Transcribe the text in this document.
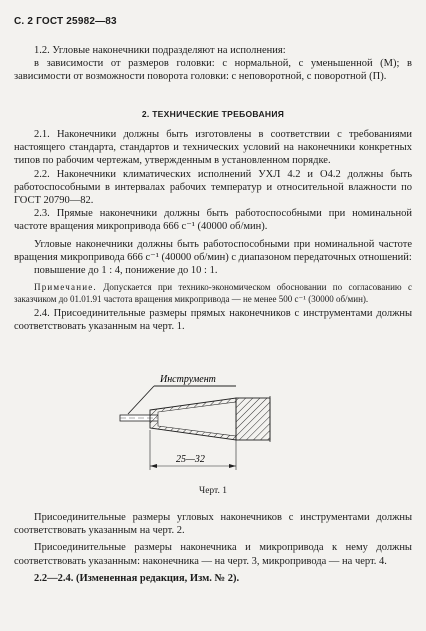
С. 2 ГОСТ 25982—83

1.2. Угловые наконечники подразделяют на исполнения:

в зависимости от размеров головки: с нормальной, с уменьшенной (М); в зависимости от возможности поворота головки: с неповоротной, с поворотной (П).

2. ТЕХНИЧЕСКИЕ ТРЕБОВАНИЯ

2.1. Наконечники должны быть изготовлены в соответствии с требованиями настоящего стандарта, стандартов и технических условий на наконечники конкретных типов по рабочим чертежам, утвержденным в установленном порядке.

2.2. Наконечники климатических исполнений УХЛ 4.2 и О4.2 должны быть работоспособными в интервалах рабочих температур и относительной влажности по ГОСТ 20790—82.

2.3. Прямые наконечники должны быть работоспособными при номинальной частоте вращения микропривода 666 с⁻¹ (40000 об/мин).

Угловые наконечники должны быть работоспособными при номинальной частоте вращения микропривода 666 с⁻¹ (40000 об/мин) с диапазоном передаточных отношений:

повышение до 1 : 4, понижение до 10 : 1.

Примечание. Допускается при технико-экономическом обосновании по согласованию с заказчиком до 01.01.91 частота вращения микропривода — не менее 500 с⁻¹ (30000 об/мин).

2.4. Присоединительные размеры прямых наконечников с инструментами должны соответствовать указанным на черт. 1.

Инструмент
25—32
Черт. 1

Присоединительные размеры угловых наконечников с инструментами должны соответствовать указанным на черт. 2.

Присоединительные размеры наконечника и микропривода к нему должны соответствовать указанным: наконечника — на черт. 3, микропривода — на черт. 4.

2.2—2.4. (Измененная редакция, Изм. № 2).
